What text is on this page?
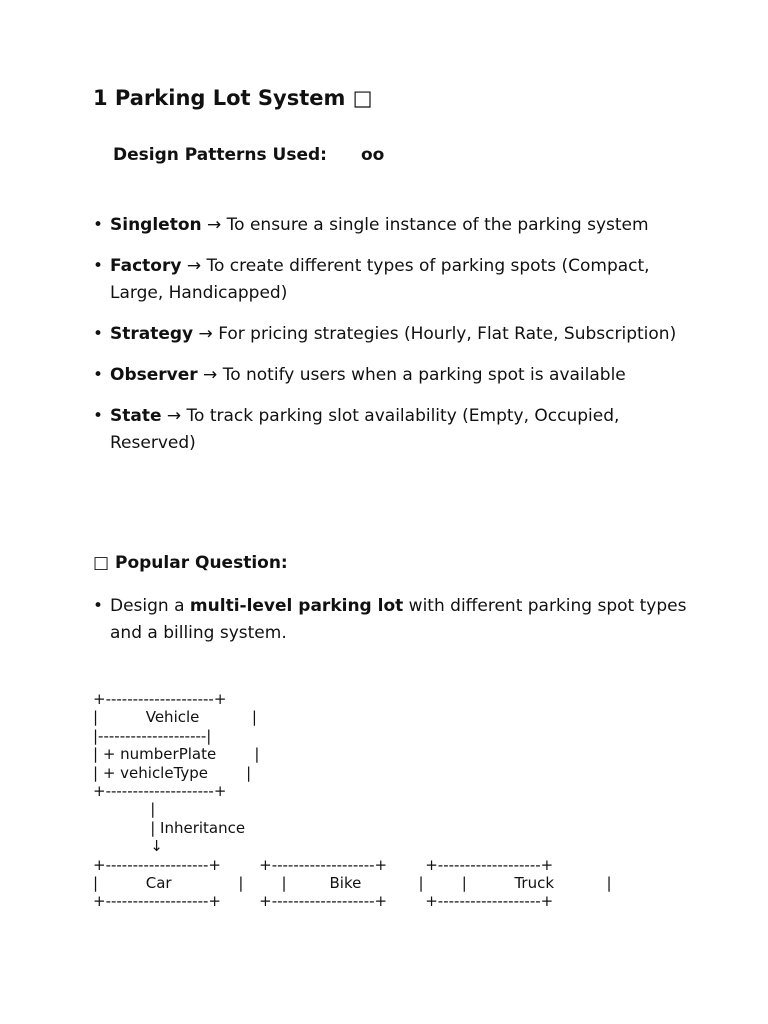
1 Parking Lot System □
Design Patterns Used: oo
• Singleton → To ensure a single instance of the parking system
• Factory → To create different types of parking spots (Compact, Large, Handicapped)
• Strategy → For pricing strategies (Hourly, Flat Rate, Subscription)
• Observer → To notify users when a parking spot is available
• State → To track parking slot availability (Empty, Occupied, Reserved)
□ Popular Question:
• Design a multi-level parking lot with different parking spot types and a billing system.
+--------------------+
|          Vehicle           |
|--------------------|
| + numberPlate        |
| + vehicleType        |
+--------------------+
|
| Inheritance
↓
+-------------------+        +-------------------+        +-------------------+
|          Car              |        |         Bike            |        |          Truck           |
+-------------------+        +-------------------+        +-------------------+
